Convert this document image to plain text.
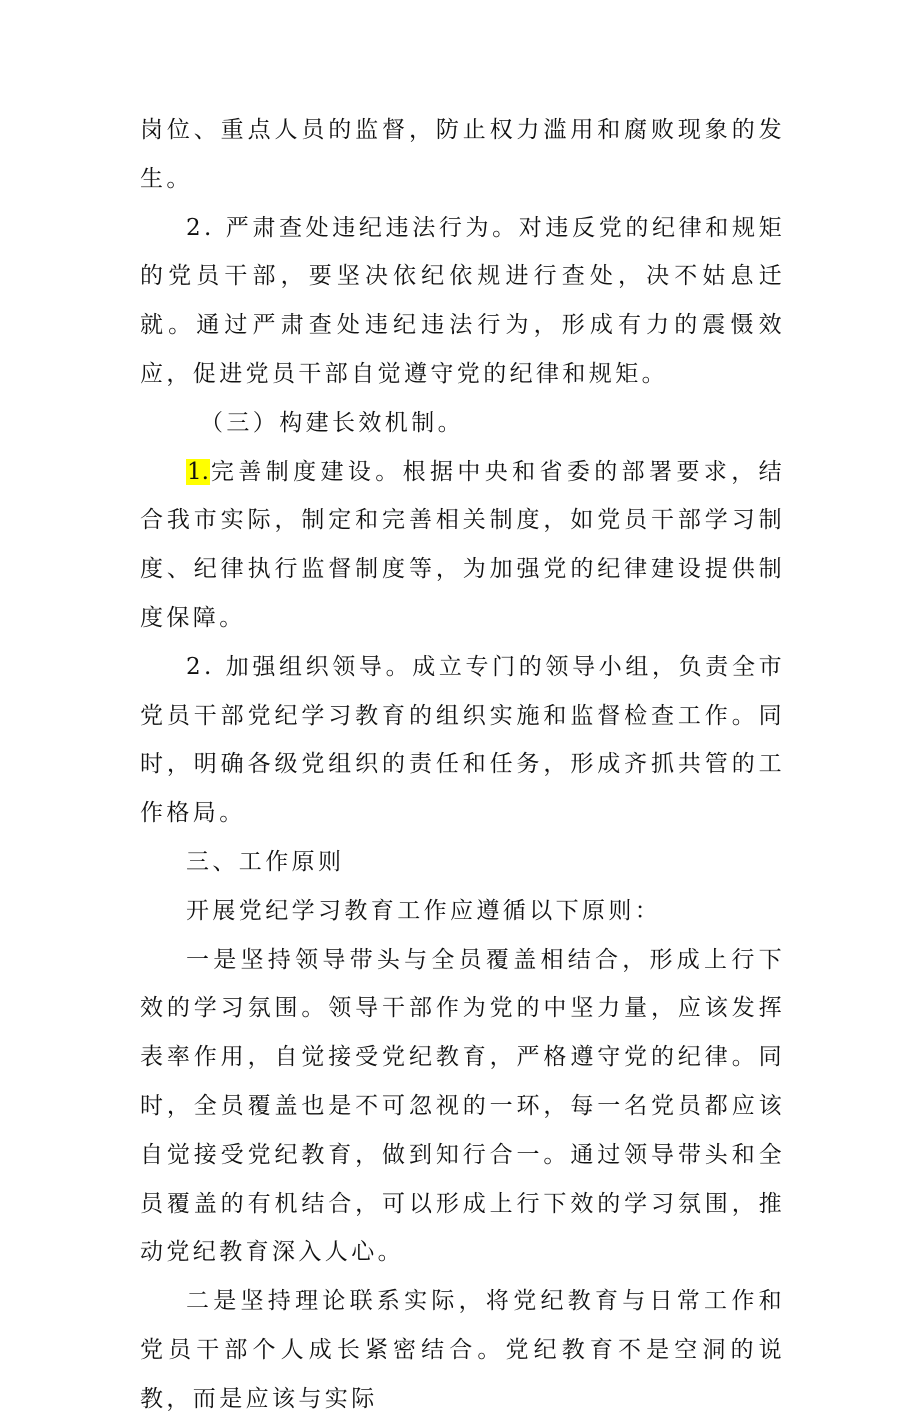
岗位、重点人员的监督，防止权力滥用和腐败现象的发生。

2. 严肃查处违纪违法行为。对违反党的纪律和规矩的党员干部，要坚决依纪依规进行查处，决不姑息迁就。通过严肃查处违纪违法行为，形成有力的震慑效应，促进党员干部自觉遵守党的纪律和规矩。

（三）构建长效机制。

1.完善制度建设。根据中央和省委的部署要求，结合我市实际，制定和完善相关制度，如党员干部学习制度、纪律执行监督制度等，为加强党的纪律建设提供制度保障。

2. 加强组织领导。成立专门的领导小组，负责全市党员干部党纪学习教育的组织实施和监督检查工作。同时，明确各级党组织的责任和任务，形成齐抓共管的工作格局。

三、工作原则

开展党纪学习教育工作应遵循以下原则：

一是坚持领导带头与全员覆盖相结合，形成上行下效的学习氛围。领导干部作为党的中坚力量，应该发挥表率作用，自觉接受党纪教育，严格遵守党的纪律。同时，全员覆盖也是不可忽视的一环，每一名党员都应该自觉接受党纪教育，做到知行合一。通过领导带头和全员覆盖的有机结合，可以形成上行下效的学习氛围，推动党纪教育深入人心。

二是坚持理论联系实际，将党纪教育与日常工作和党员干部个人成长紧密结合。党纪教育不是空洞的说教，而是应该与实际
